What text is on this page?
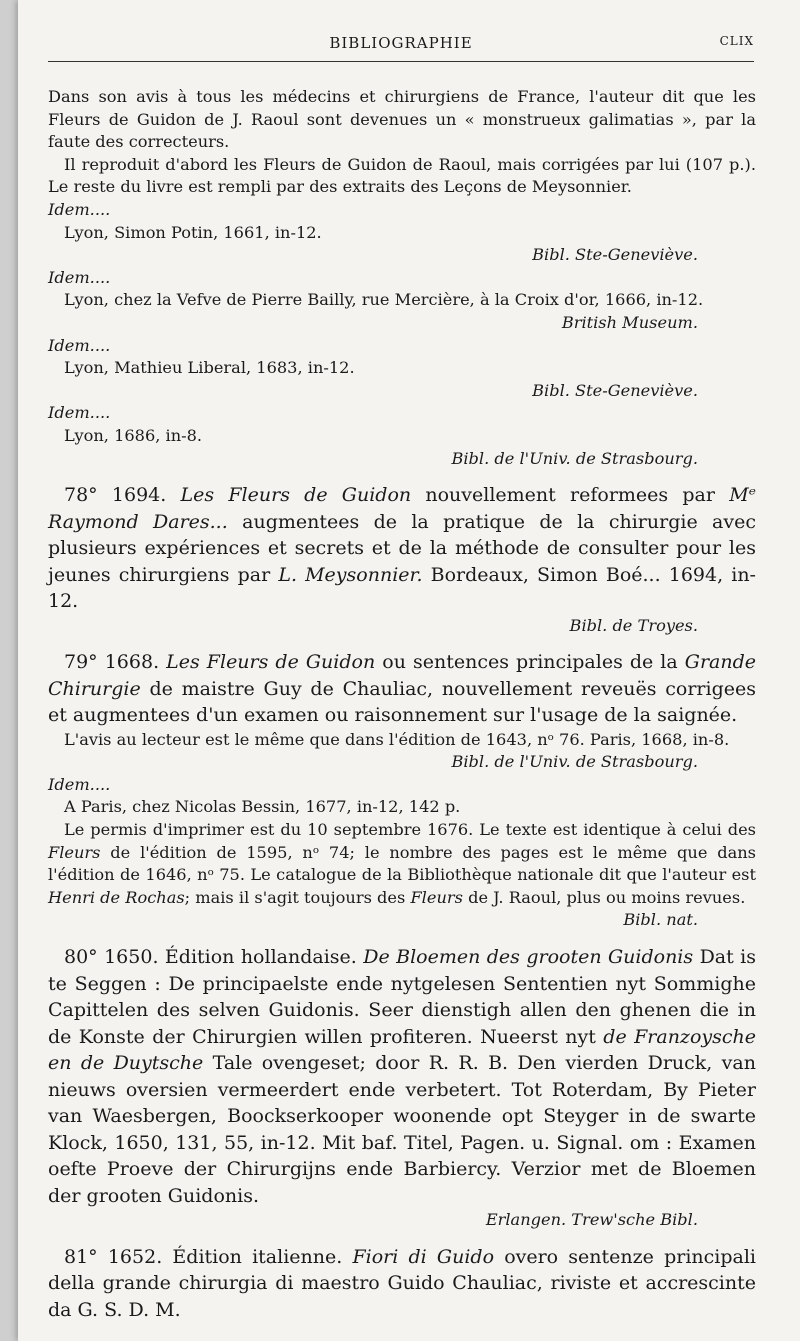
BIBLIOGRAPHIE	CLIX

Dans son avis à tous les médecins et chirurgiens de France, l'auteur dit que les Fleurs de Guidon de J. Raoul sont devenues un « monstrueux galimatias », par la faute des correcteurs.

Il reproduit d'abord les Fleurs de Guidon de Raoul, mais corrigées par lui (107 p.). Le reste du livre est rempli par des extraits des Leçons de Meysonnier.

Idem....

Lyon, Simon Potin, 1661, in-12.

Bibl. Ste-Geneviève.

Idem....

Lyon, chez la Vefve de Pierre Bailly, rue Mercière, à la Croix d'or, 1666, in-12.

British Museum.

Idem....

Lyon, Mathieu Liberal, 1683, in-12.

Bibl. Ste-Geneviève.

Idem....

Lyon, 1686, in-8.

Bibl. de l'Univ. de Strasbourg.

78° 1694. Les Fleurs de Guidon nouvellement reformees par Mᵉ Raymond Dares... augmentees de la pratique de la chirurgie avec plusieurs expériences et secrets et de la méthode de consulter pour les jeunes chirurgiens par L. Meysonnier. Bordeaux, Simon Boé... 1694, in-12.

Bibl. de Troyes.

79° 1668. Les Fleurs de Guidon ou sentences principales de la Grande Chirurgie de maistre Guy de Chauliac, nouvellement reveuës corrigees et augmentees d'un examen ou raisonnement sur l'usage de la saignée.

L'avis au lecteur est le même que dans l'édition de 1643, nᵒ 76. Paris, 1668, in-8.

Bibl. de l'Univ. de Strasbourg.

Idem....

A Paris, chez Nicolas Bessin, 1677, in-12, 142 p.

Le permis d'imprimer est du 10 septembre 1676. Le texte est identique à celui des Fleurs de l'édition de 1595, nᵒ 74; le nombre des pages est le même que dans l'édition de 1646, nᵒ 75. Le catalogue de la Bibliothèque nationale dit que l'auteur est Henri de Rochas; mais il s'agit toujours des Fleurs de J. Raoul, plus ou moins revues.

Bibl. nat.

80° 1650. Édition hollandaise. De Bloemen des grooten Guidonis Dat is te Seggen : De principaelste ende nytgelesen Sententien nyt Sommighe Capittelen des selven Guidonis. Seer dienstigh allen den ghenen die in de Konste der Chirurgien willen profiteren. Nueerst nyt de Franzoysche en de Duytsche Tale ovengeset; door R. R. B. Den vierden Druck, van nieuws oversien vermeerdert ende verbetert. Tot Roterdam, By Pieter van Waesbergen, Boockserkooper woonende opt Steyger in de swarte Klock, 1650, 131, 55, in-12. Mit baf. Titel, Pagen. u. Signal. om : Examen oefte Proeve der Chirurgijns ende Barbiercy. Verzior met de Bloemen der grooten Guidonis.

Erlangen. Trew'sche Bibl.

81° 1652. Édition italienne. Fiori di Guido overo sentenze principali della grande chirurgia di maestro Guido Chauliac, riviste et accrescinte da G. S. D. M.
